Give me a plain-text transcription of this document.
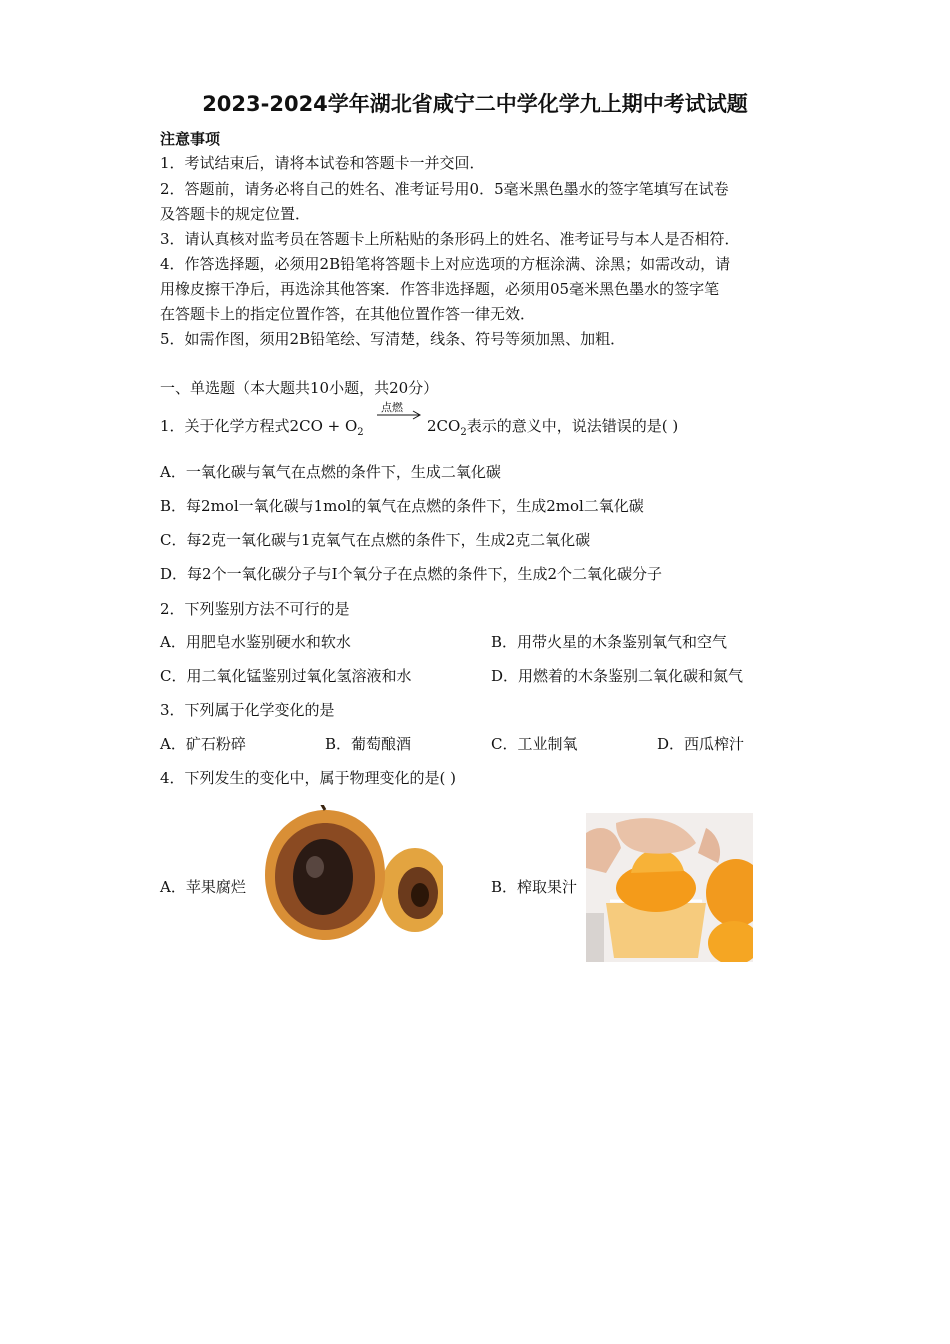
2023-2024学年湖北省咸宁二中学化学九上期中考试试题
注意事项
1．考试结束后，请将本试卷和答题卡一并交回．
2．答题前，请务必将自己的姓名、准考证号用0．5毫米黑色墨水的签字笔填写在试卷
及答题卡的规定位置．
3．请认真核对监考员在答题卡上所粘贴的条形码上的姓名、准考证号与本人是否相符．
4．作答选择题，必须用2B铅笔将答题卡上对应选项的方框涂满、涂黑；如需改动，请
用橡皮擦干净后，再选涂其他答案．作答非选择题，必须用05毫米黑色墨水的签字笔
在答题卡上的指定位置作答，在其他位置作答一律无效．
5．如需作图，须用2B铅笔绘、写清楚，线条、符号等须加黑、加粗．
一、单选题（本大题共10小题，共20分）
1．关于化学方程式$2CO + O_2$
点燃
$2CO_2$表示的意义中，说法错误的是( )
A．一氧化碳与氧气在点燃的条件下，生成二氧化碳
B．每2mol一氧化碳与1mol的氧气在点燃的条件下，生成2mol二氧化碳
C．每2克一氧化碳与1克氧气在点燃的条件下，生成2克二氧化碳
D．每2个一氧化碳分子与I个氧分子在点燃的条件下，生成2个二氧化碳分子
2．下列鉴别方法不可行的是
A．用肥皂水鉴别硬水和软水	B．用带火星的木条鉴别氧气和空气
C．用二氧化锰鉴别过氧化氢溶液和水	D．用燃着的木条鉴别二氧化碳和氮气
3．下列属于化学变化的是
A．矿石粉碎	B．葡萄酿酒	C．工业制氧	D．西瓜榨汁
4．下列发生的变化中，属于物理变化的是( )
A．苹果腐烂	B．榨取果汁
